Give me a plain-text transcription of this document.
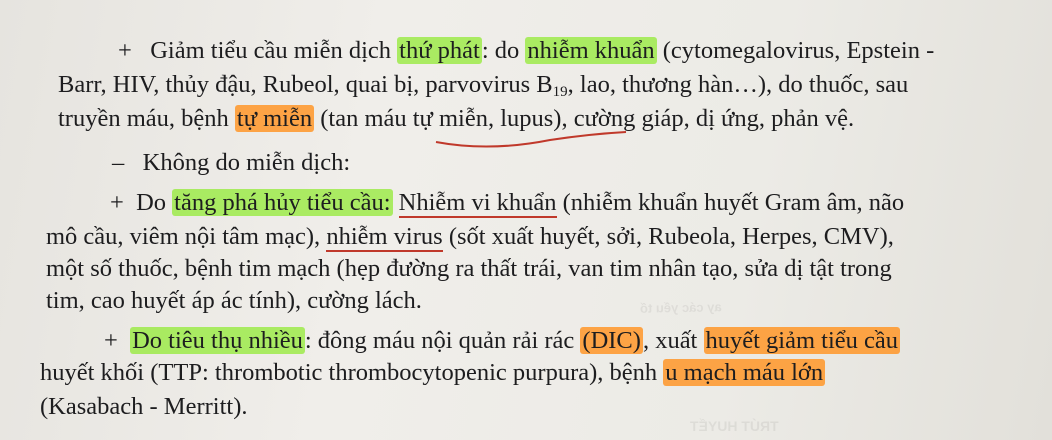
ay các yếu tố
TRÚT HUYẾT
+ Giảm tiểu cầu miễn dịch thứ phát: do nhiễm khuẩn (cytomegalovirus, Epstein -
Barr, HIV, thủy đậu, Rubeol, quai bị, parvovirus $B_{19}$, lao, thương hàn…), do thuốc, sau
truyền máu, bệnh tự miễn (tan máu tự miễn, lupus), cường giáp, dị ứng, phản vệ.
– Không do miễn dịch:
+ Do tăng phá hủy tiểu cầu: Nhiễm vi khuẩn (nhiễm khuẩn huyết Gram âm, não
mô cầu, viêm nội tâm mạc), nhiễm virus (sốt xuất huyết, sởi, Rubeola, Herpes, CMV),
một số thuốc, bệnh tim mạch (hẹp đường ra thất trái, van tim nhân tạo, sửa dị tật trong
tim, cao huyết áp ác tính), cường lách.
+ Do tiêu thụ nhiều: đông máu nội quản rải rác (DIC), xuất huyết giảm tiểu cầu
huyết khối (TTP: thrombotic thrombocytopenic purpura), bệnh u mạch máu lớn
(Kasabach - Merritt).
